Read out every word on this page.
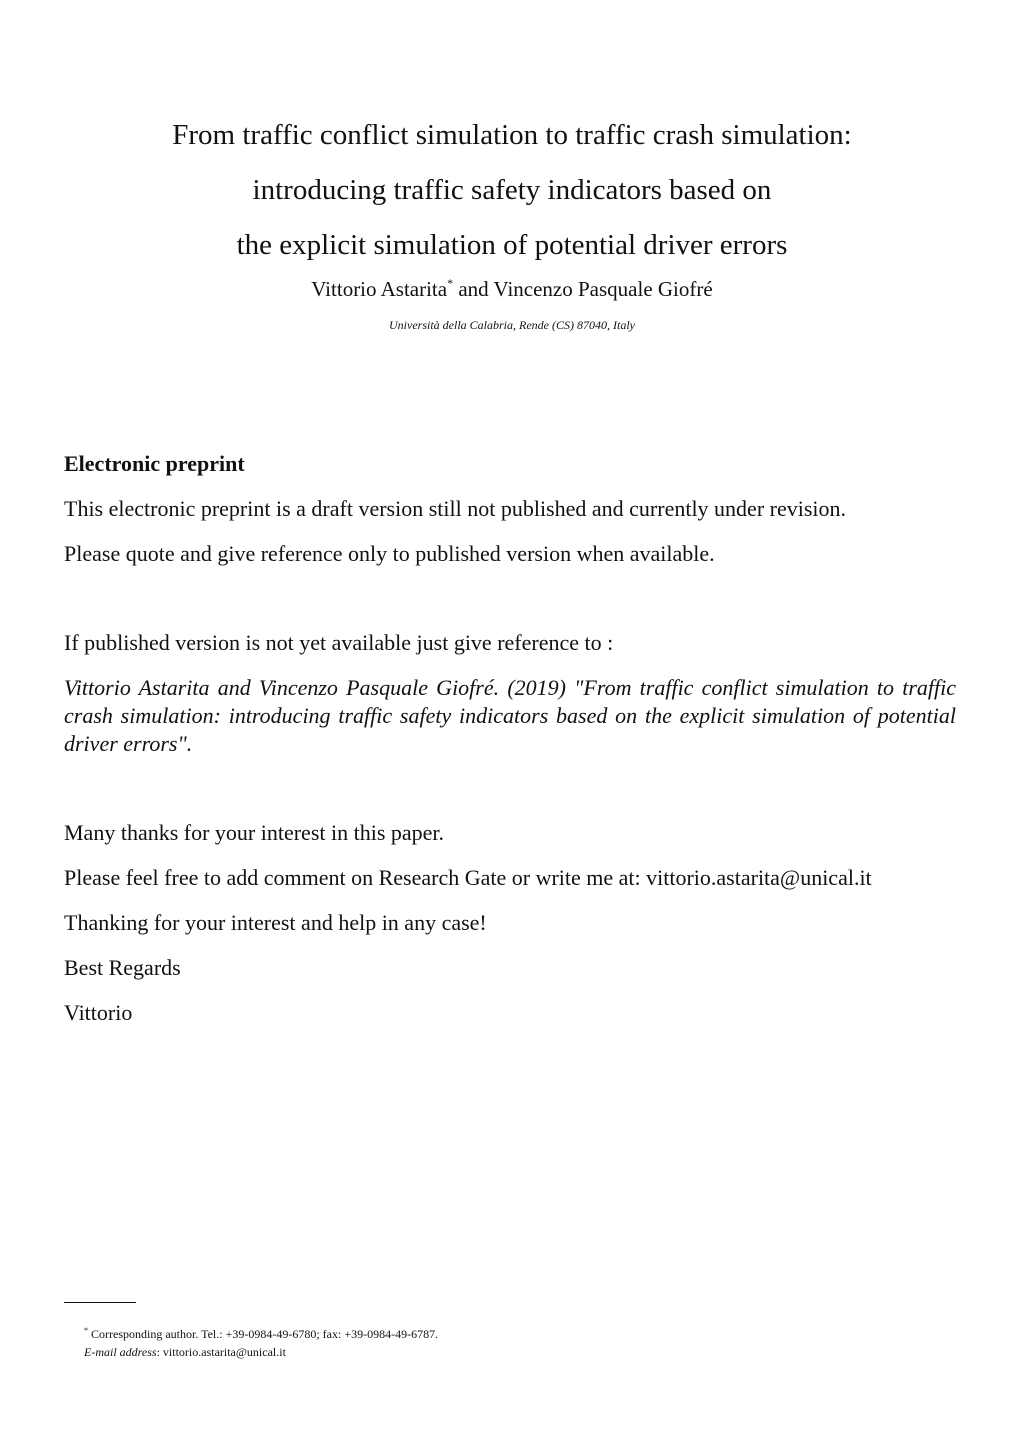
From traffic conflict simulation to traffic crash simulation:

introducing traffic safety indicators based on

the explicit simulation of potential driver errors

Vittorio Astarita* and Vincenzo Pasquale Giofré
Università della Calabria, Rende (CS) 87040, Italy

Electronic preprint

This electronic preprint is a draft version still not published and currently under revision.

Please quote and give reference only to published version when available.

If published version is not yet available just give reference to :

Vittorio Astarita and Vincenzo Pasquale Giofré. (2019) "From traffic conflict simulation to traffic crash simulation: introducing traffic safety indicators based on the explicit simulation of potential driver errors".

Many thanks for your interest in this paper.

Please feel free to add comment on Research Gate or write me at: vittorio.astarita@unical.it

Thanking for your interest and help in any case!

Best Regards

Vittorio

* Corresponding author. Tel.: +39-0984-49-6780; fax: +39-0984-49-6787.

E-mail address: vittorio.astarita@unical.it
